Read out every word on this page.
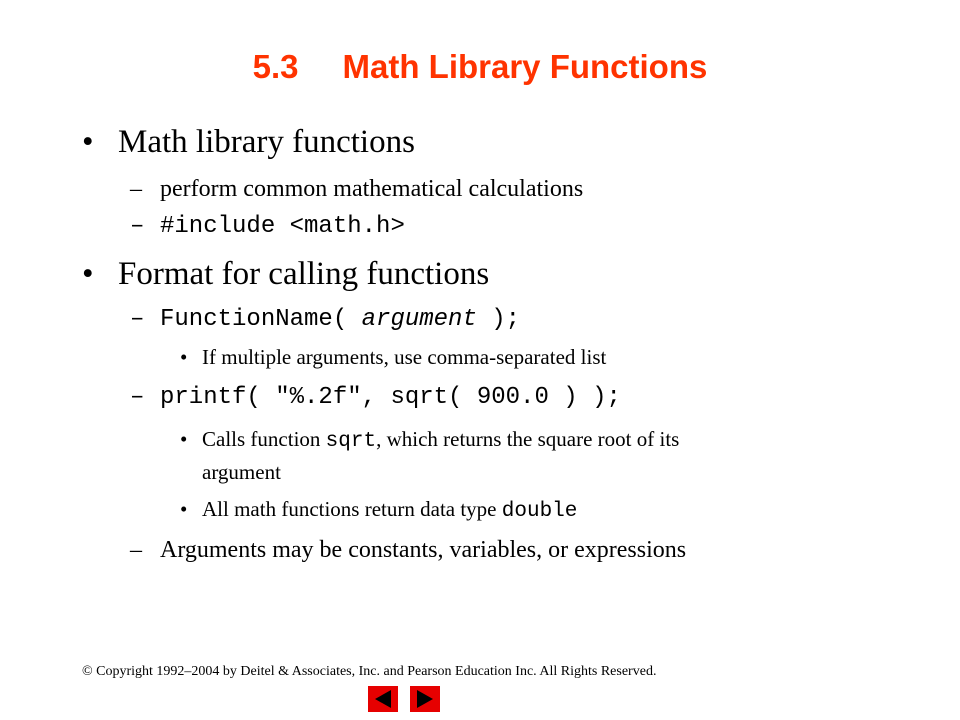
5.3 Math Library Functions
• Math library functions
– perform common mathematical calculations
– #include <math.h>
• Format for calling functions
– FunctionName( argument );
• If multiple arguments, use comma-separated list
– printf( "%.2f", sqrt( 900.0 ) );
• Calls function sqrt, which returns the square root of its
argument
• All math functions return data type double
– Arguments may be constants, variables, or expressions
© Copyright 1992–2004 by Deitel & Associates, Inc. and Pearson Education Inc. All Rights Reserved.
